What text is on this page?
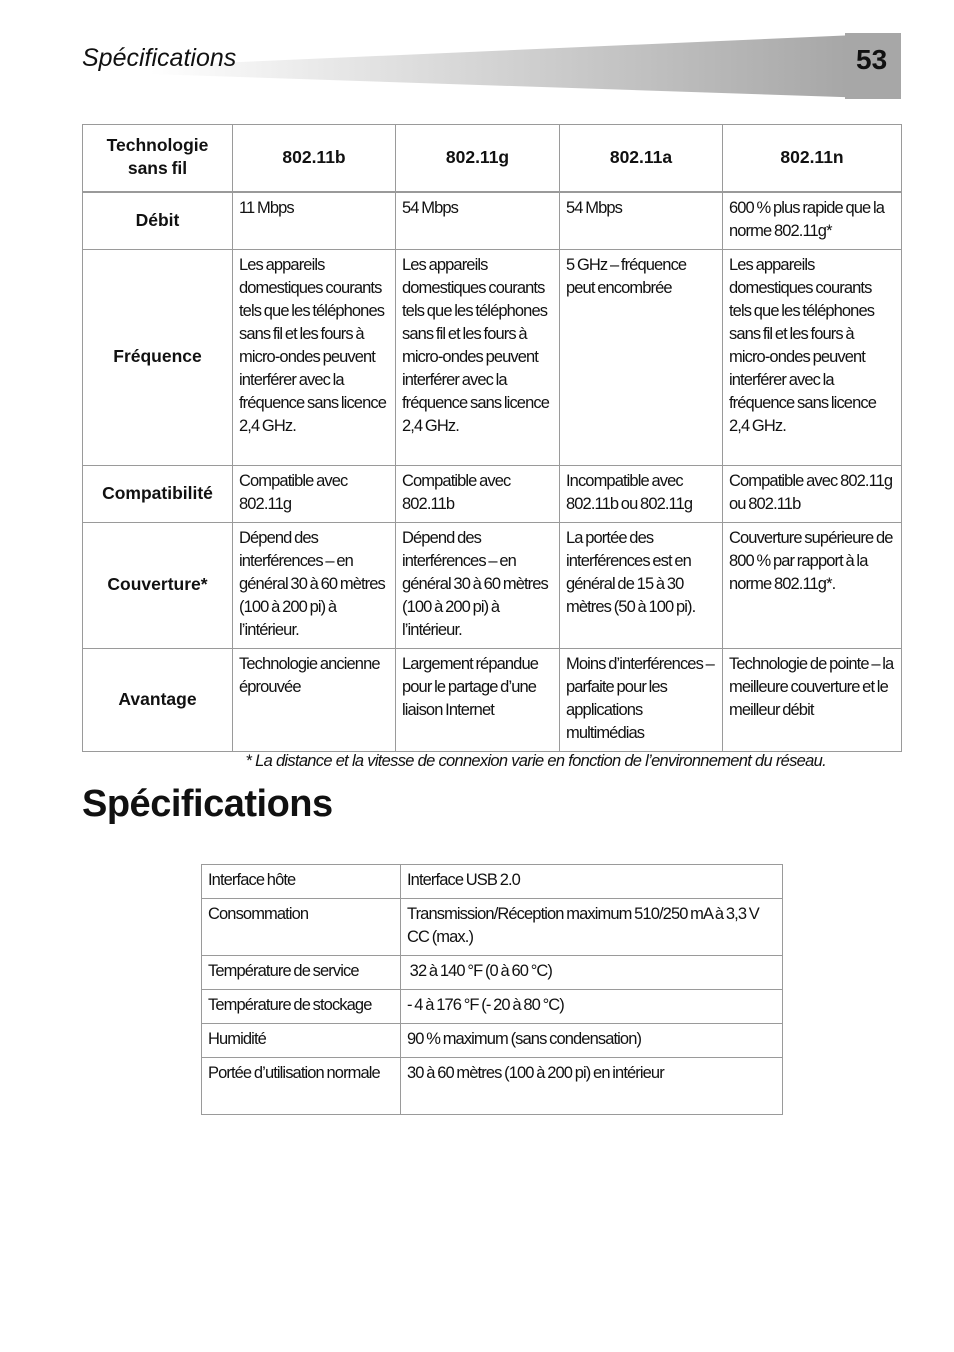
Spécifications	53
Technologie sans fil	802.11b	802.11g	802.11a	802.11n
Débit	11 Mbps	54 Mbps	54 Mbps	600 % plus rapide que la norme 802.11g*
Fréquence	Les appareils domestiques courants tels que les téléphones sans fil et les fours à micro-ondes peuvent interférer avec la fréquence sans licence 2,4 GHz.	Les appareils domestiques courants tels que les téléphones sans fil et les fours à micro-ondes peuvent interférer avec la fréquence sans licence 2,4 GHz.	5 GHz – fréquence peut encombrée	Les appareils domestiques courants tels que les téléphones sans fil et les fours à micro-ondes peuvent interférer avec la fréquence sans licence 2,4 GHz.
Compatibilité	Compatible avec 802.11g	Compatible avec 802.11b	Incompatible avec 802.11b ou 802.11g	Compatible avec 802.11g ou 802.11b
Couverture*	Dépend des interférences – en général 30 à 60 mètres (100 à 200 pi) à l’intérieur.	Dépend des interférences – en général 30 à 60 mètres (100 à 200 pi) à l’intérieur.	La portée des interférences est en général de 15 à 30 mètres (50 à 100 pi).	Couverture supérieure de 800 % par rapport à la norme 802.11g*.
Avantage	Technologie ancienne éprouvée	Largement répandue pour le partage d’une liaison Internet	Moins d’interférences – parfaite pour les applications multimédias	Technologie de pointe – la meilleure couverture et le meilleur débit
* La distance et la vitesse de connexion varie en fonction de l’environnement du réseau.
Spécifications
Interface hôte	Interface USB 2.0
Consommation	Transmission/Réception maximum 510/250 mA à 3,3 V CC (max.)
Température de service	32 à 140 °F (0 à 60 °C)
Température de stockage	- 4 à 176 °F (- 20 à 80 °C)
Humidité	90 % maximum (sans condensation)
Portée d’utilisation normale	30 à 60 mètres (100 à 200 pi) en intérieur
